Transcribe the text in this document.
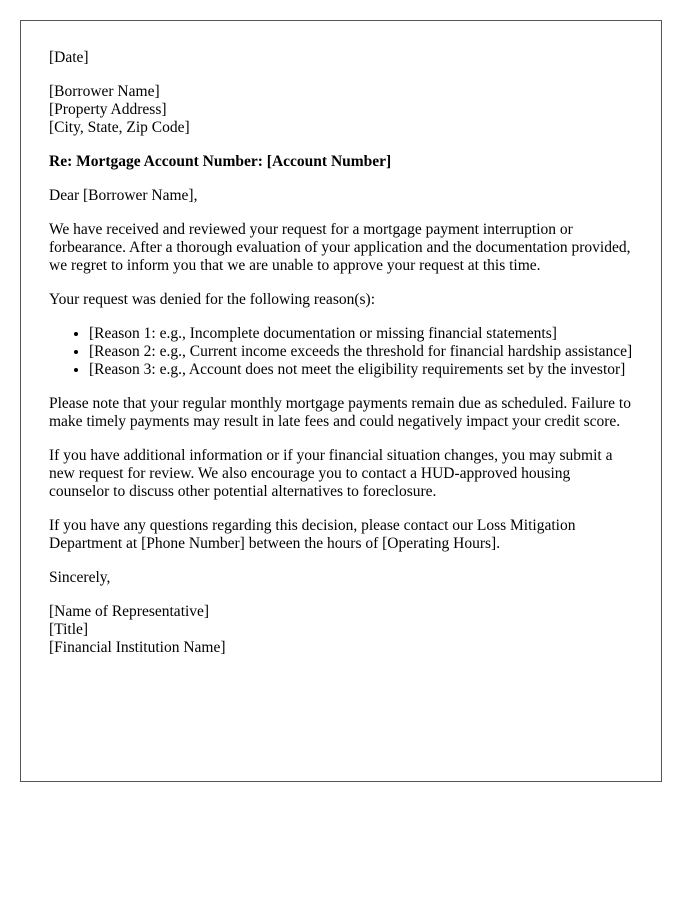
[Date]

[Borrower Name]
[Property Address]
[City, State, Zip Code]

Re: Mortgage Account Number: [Account Number]

Dear [Borrower Name],

We have received and reviewed your request for a mortgage payment interruption or forbearance. After a thorough evaluation of your application and the documentation provided, we regret to inform you that we are unable to approve your request at this time.

Your request was denied for the following reason(s):

• [Reason 1: e.g., Incomplete documentation or missing financial statements]
• [Reason 2: e.g., Current income exceeds the threshold for financial hardship assistance]
• [Reason 3: e.g., Account does not meet the eligibility requirements set by the investor]

Please note that your regular monthly mortgage payments remain due as scheduled. Failure to make timely payments may result in late fees and could negatively impact your credit score.

If you have additional information or if your financial situation changes, you may submit a new request for review. We also encourage you to contact a HUD-approved housing counselor to discuss other potential alternatives to foreclosure.

If you have any questions regarding this decision, please contact our Loss Mitigation Department at [Phone Number] between the hours of [Operating Hours].

Sincerely,

[Name of Representative]
[Title]
[Financial Institution Name]
